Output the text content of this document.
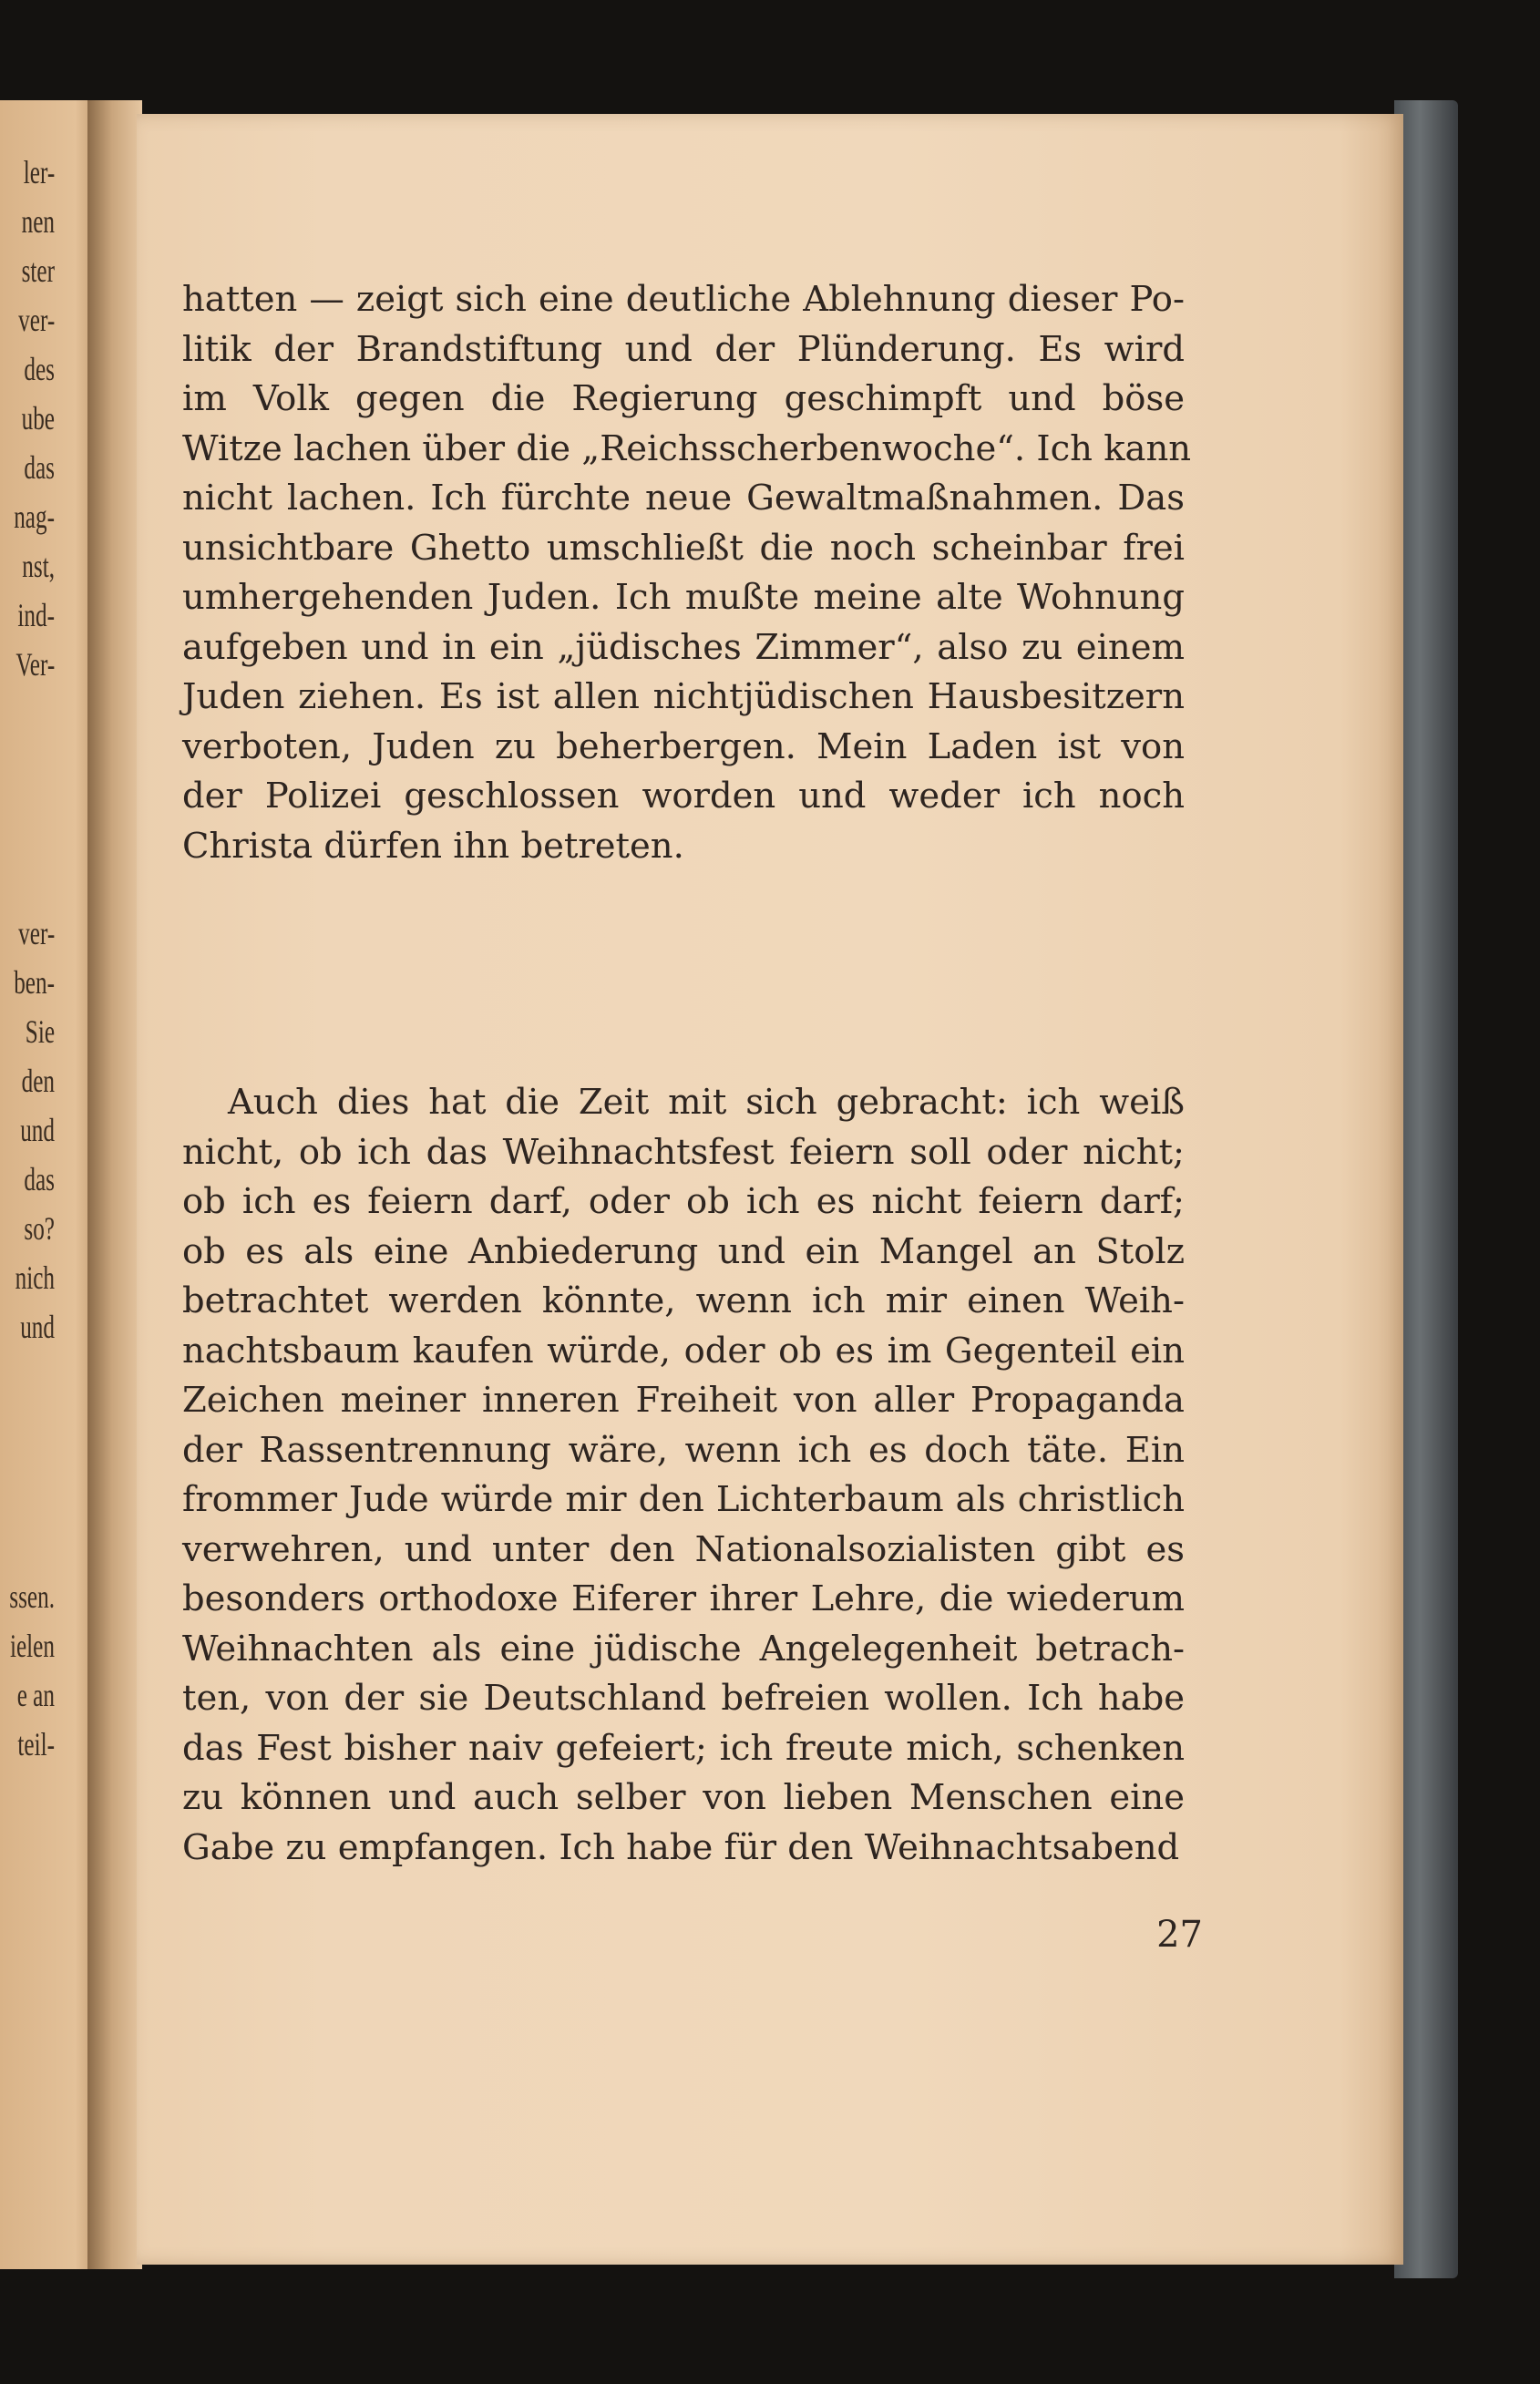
ler-
nen
ster
ver-
des
ube
das
nag-
nst,
ind-
Ver-
ver-
ben-
Sie
den
und
das
so?
nich
und
ssen.
ielen
e an
teil-
hatten — zeigt sich eine deutliche Ablehnung dieser Po-
litik der Brandstiftung und der Plünderung. Es wird
im Volk gegen die Regierung geschimpft und böse
Witze lachen über die „Reichsscherbenwoche“. Ich kann
nicht lachen. Ich fürchte neue Gewaltmaßnahmen. Das
unsichtbare Ghetto umschließt die noch scheinbar frei
umhergehenden Juden. Ich mußte meine alte Wohnung
aufgeben und in ein „jüdisches Zimmer“, also zu einem
Juden ziehen. Es ist allen nichtjüdischen Hausbesitzern
verboten, Juden zu beherbergen. Mein Laden ist von
der Polizei geschlossen worden und weder ich noch
Christa dürfen ihn betreten.
Auch dies hat die Zeit mit sich gebracht: ich weiß
nicht, ob ich das Weihnachtsfest feiern soll oder nicht;
ob ich es feiern darf, oder ob ich es nicht feiern darf;
ob es als eine Anbiederung und ein Mangel an Stolz
betrachtet werden könnte, wenn ich mir einen Weih-
nachtsbaum kaufen würde, oder ob es im Gegenteil ein
Zeichen meiner inneren Freiheit von aller Propaganda
der Rassentrennung wäre, wenn ich es doch täte. Ein
frommer Jude würde mir den Lichterbaum als christlich
verwehren, und unter den Nationalsozialisten gibt es
besonders orthodoxe Eiferer ihrer Lehre, die wiederum
Weihnachten als eine jüdische Angelegenheit betrach-
ten, von der sie Deutschland befreien wollen. Ich habe
das Fest bisher naiv gefeiert; ich freute mich, schenken
zu können und auch selber von lieben Menschen eine
Gabe zu empfangen. Ich habe für den Weihnachtsabend
27
